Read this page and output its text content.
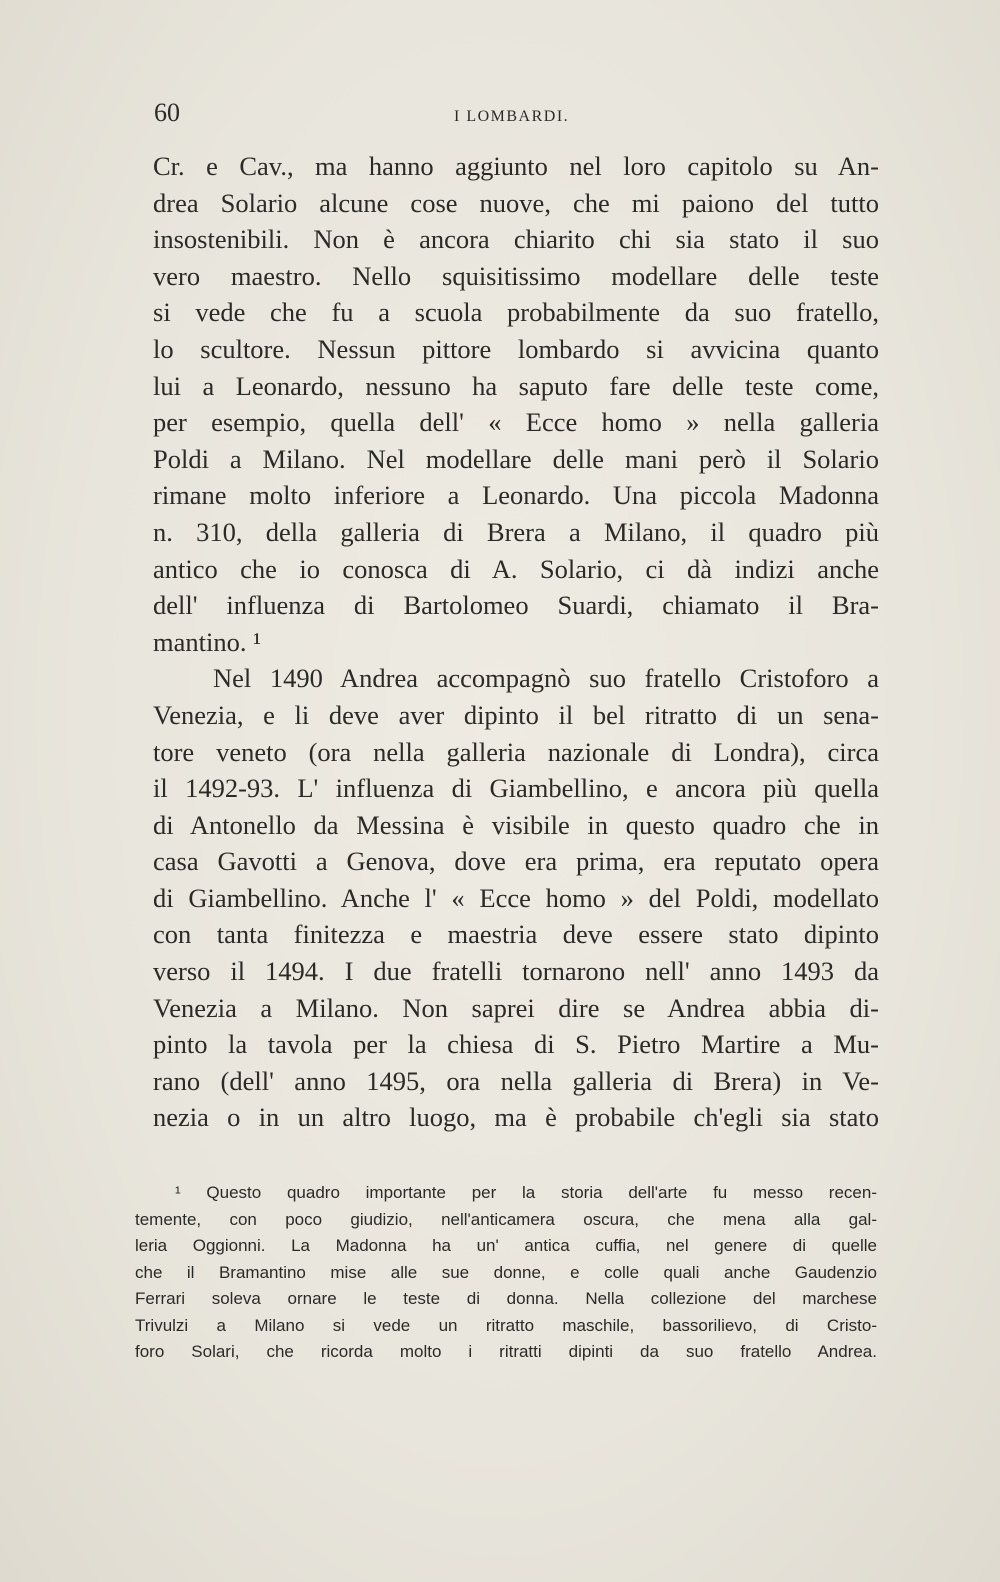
60	I LOMBARDI.
Cr. e Cav., ma hanno aggiunto nel loro capitolo su An-
drea Solario alcune cose nuove, che mi paiono del tutto
insostenibili. Non è ancora chiarito chi sia stato il suo
vero maestro. Nello squisitissimo modellare delle teste
si vede che fu a scuola probabilmente da suo fratello,
lo scultore. Nessun pittore lombardo si avvicina quanto
lui a Leonardo, nessuno ha saputo fare delle teste come,
per esempio, quella dell' « Ecce homo » nella galleria
Poldi a Milano. Nel modellare delle mani però il Solario
rimane molto inferiore a Leonardo. Una piccola Madonna
n. 310, della galleria di Brera a Milano, il quadro più
antico che io conosca di A. Solario, ci dà indizi anche
dell' influenza di Bartolomeo Suardi, chiamato il Bra-
mantino. ¹
Nel 1490 Andrea accompagnò suo fratello Cristoforo a
Venezia, e li deve aver dipinto il bel ritratto di un sena-
tore veneto (ora nella galleria nazionale di Londra), circa
il 1492-93. L' influenza di Giambellino, e ancora più quella
di Antonello da Messina è visibile in questo quadro che in
casa Gavotti a Genova, dove era prima, era reputato opera
di Giambellino. Anche l' « Ecce homo » del Poldi, modellato
con tanta finitezza e maestria deve essere stato dipinto
verso il 1494. I due fratelli tornarono nell' anno 1493 da
Venezia a Milano. Non saprei dire se Andrea abbia di-
pinto la tavola per la chiesa di S. Pietro Martire a Mu-
rano (dell' anno 1495, ora nella galleria di Brera) in Ve-
nezia o in un altro luogo, ma è probabile ch'egli sia stato
¹ Questo quadro importante per la storia dell'arte fu messo recen-
temente, con poco giudizio, nell'anticamera oscura, che mena alla gal-
leria Oggionni. La Madonna ha un' antica cuffia, nel genere di quelle
che il Bramantino mise alle sue donne, e colle quali anche Gaudenzio
Ferrari soleva ornare le teste di donna. Nella collezione del marchese
Trivulzi a Milano si vede un ritratto maschile, bassorilievo, di Cristo-
foro Solari, che ricorda molto i ritratti dipinti da suo fratello Andrea.
